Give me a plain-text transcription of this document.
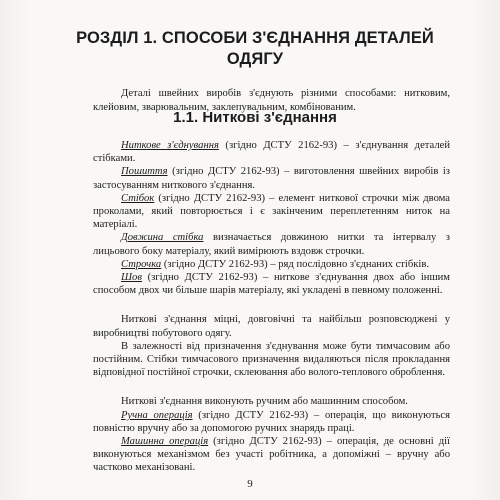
РОЗДІЛ 1. СПОСОБИ З'ЄДНАННЯ ДЕТАЛЕЙ ОДЯГУ

Деталі швейних виробів з'єднують різними способами: нитковим, клейовим, зварювальним, заклепувальним, комбінованим.

1.1. Ниткові з'єднання

Ниткове з'єднування (згідно ДСТУ 2162-93) – з'єднування деталей стібками.

Пошиття (згідно ДСТУ 2162-93) – виготовлення швейних виробів із застосуванням ниткового з'єднання.

Стібок (згідно ДСТУ 2162-93) – елемент ниткової строчки між двома проколами, який повторюється і є закінченим переплетенням ниток на матеріалі.

Довжина стібка визначається довжиною нитки та інтервалу з лицьового боку матеріалу, який вимірюють вздовж строчки.

Строчка (згідно ДСТУ 2162-93) – ряд послідовно з'єднаних стібків.

Шов (згідно ДСТУ 2162-93) – ниткове з'єднування двох або іншим способом двох чи більше шарів матеріалу, які укладені в певному положенні.

Ниткові з'єднання міцні, довговічні та найбільш розповсюджені у виробництві побутового одягу.

В залежності від призначення з'єднування може бути тимчасовим або постійним. Стібки тимчасового призначення видаляються після прокладання відповідної постійної строчки, склеювання або волого-теплового оброблення.

Ниткові з'єднання виконують ручним або машинним способом.

Ручна операція (згідно ДСТУ 2162-93) – операція, що виконуються повністю вручну або за допомогою ручних знарядь праці.

Машинна операція (згідно ДСТУ 2162-93) – операція, де основні дії виконуються механізмом без участі робітника, а допоміжні – вручну або частково механізовані.

9
